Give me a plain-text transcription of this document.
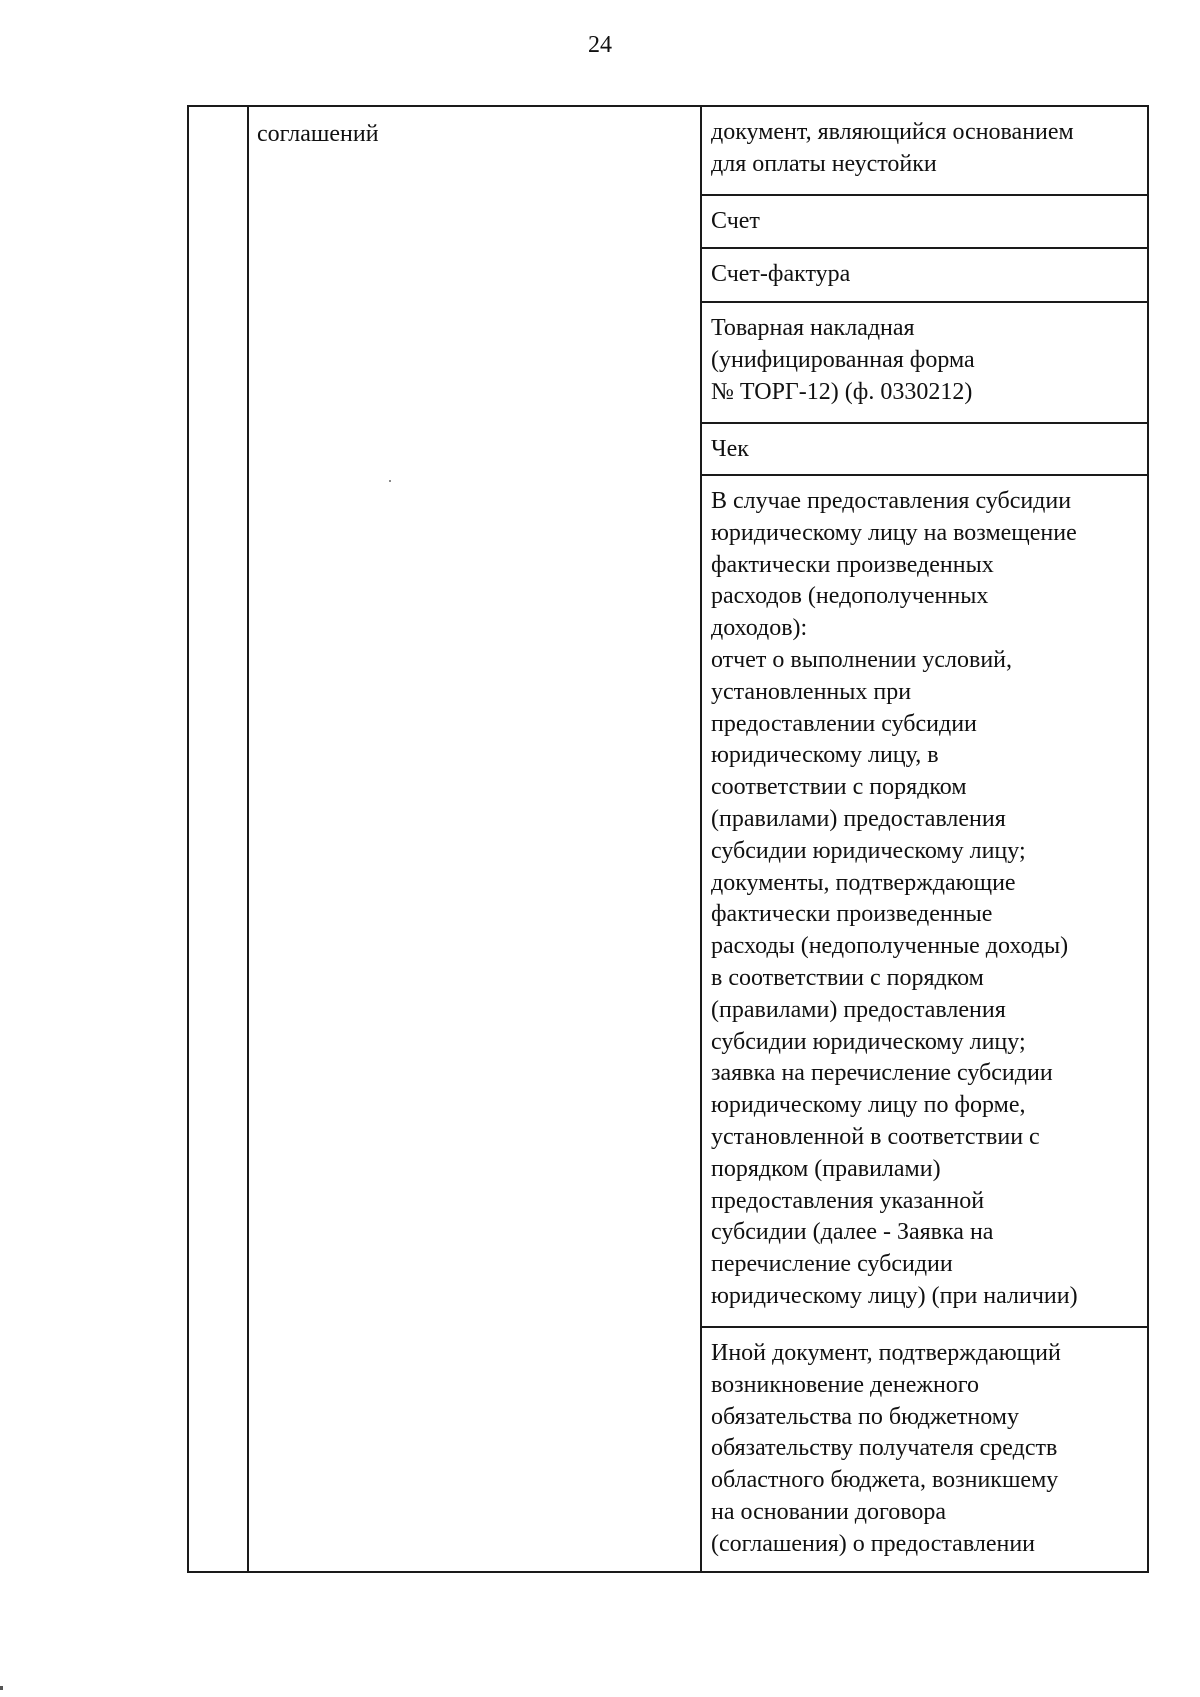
24
соглашений	документ, являющийся основанием
для оплаты неустойки
Счет
Счет-фактура
Товарная накладная
(унифицированная форма
№ ТОРГ-12) (ф. 0330212)
Чек
В случае предоставления субсидии
юридическому лицу на возмещение
фактически произведенных
расходов (недополученных
доходов):
отчет о выполнении условий,
установленных при
предоставлении субсидии
юридическому лицу, в
соответствии с порядком
(правилами) предоставления
субсидии юридическому лицу;
документы, подтверждающие
фактически произведенные
расходы (недополученные доходы)
в соответствии с порядком
(правилами) предоставления
субсидии юридическому лицу;
заявка на перечисление субсидии
юридическому лицу по форме,
установленной в соответствии с
порядком (правилами)
предоставления указанной
субсидии (далее - Заявка на
перечисление субсидии
юридическому лицу) (при наличии)
Иной документ, подтверждающий
возникновение денежного
обязательства по бюджетному
обязательству получателя средств
областного бюджета, возникшему
на основании договора
(соглашения) о предоставлении
